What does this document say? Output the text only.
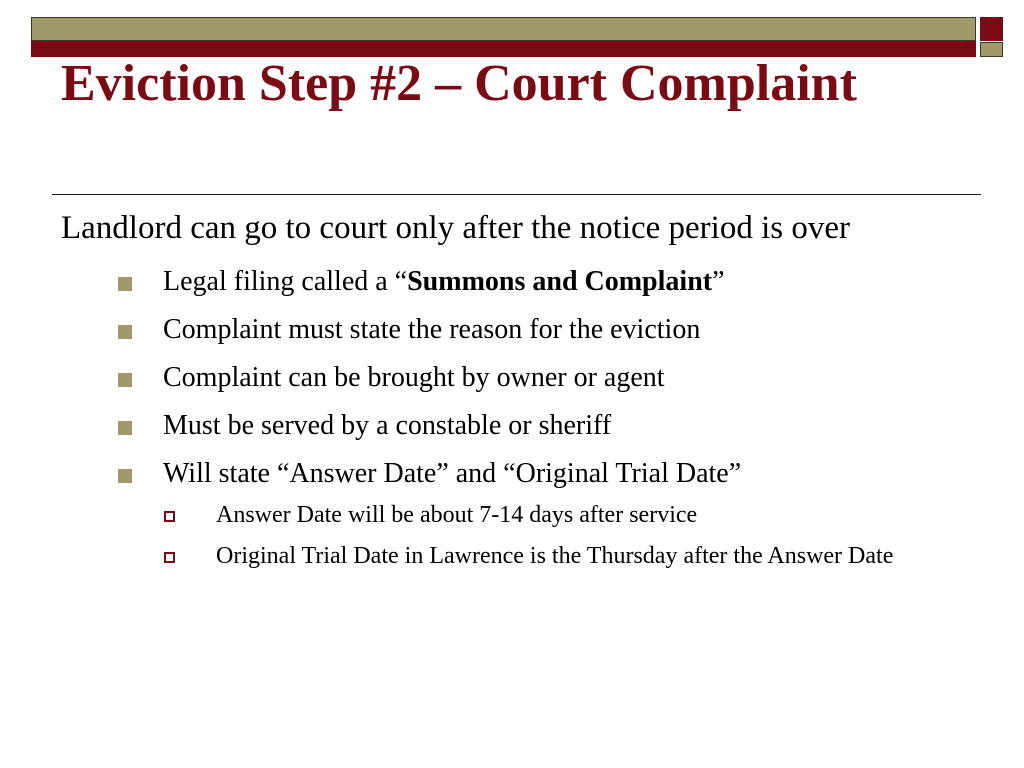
Eviction Step #2 – Court Complaint

Landlord can go to court only after the notice period is over

Legal filing called a “Summons and Complaint”
Complaint must state the reason for the eviction
Complaint can be brought by owner or agent
Must be served by a constable or sheriff
Will state “Answer Date” and “Original Trial Date”
Answer Date will be about 7-14 days after service
Original Trial Date in Lawrence is the Thursday after the Answer Date
